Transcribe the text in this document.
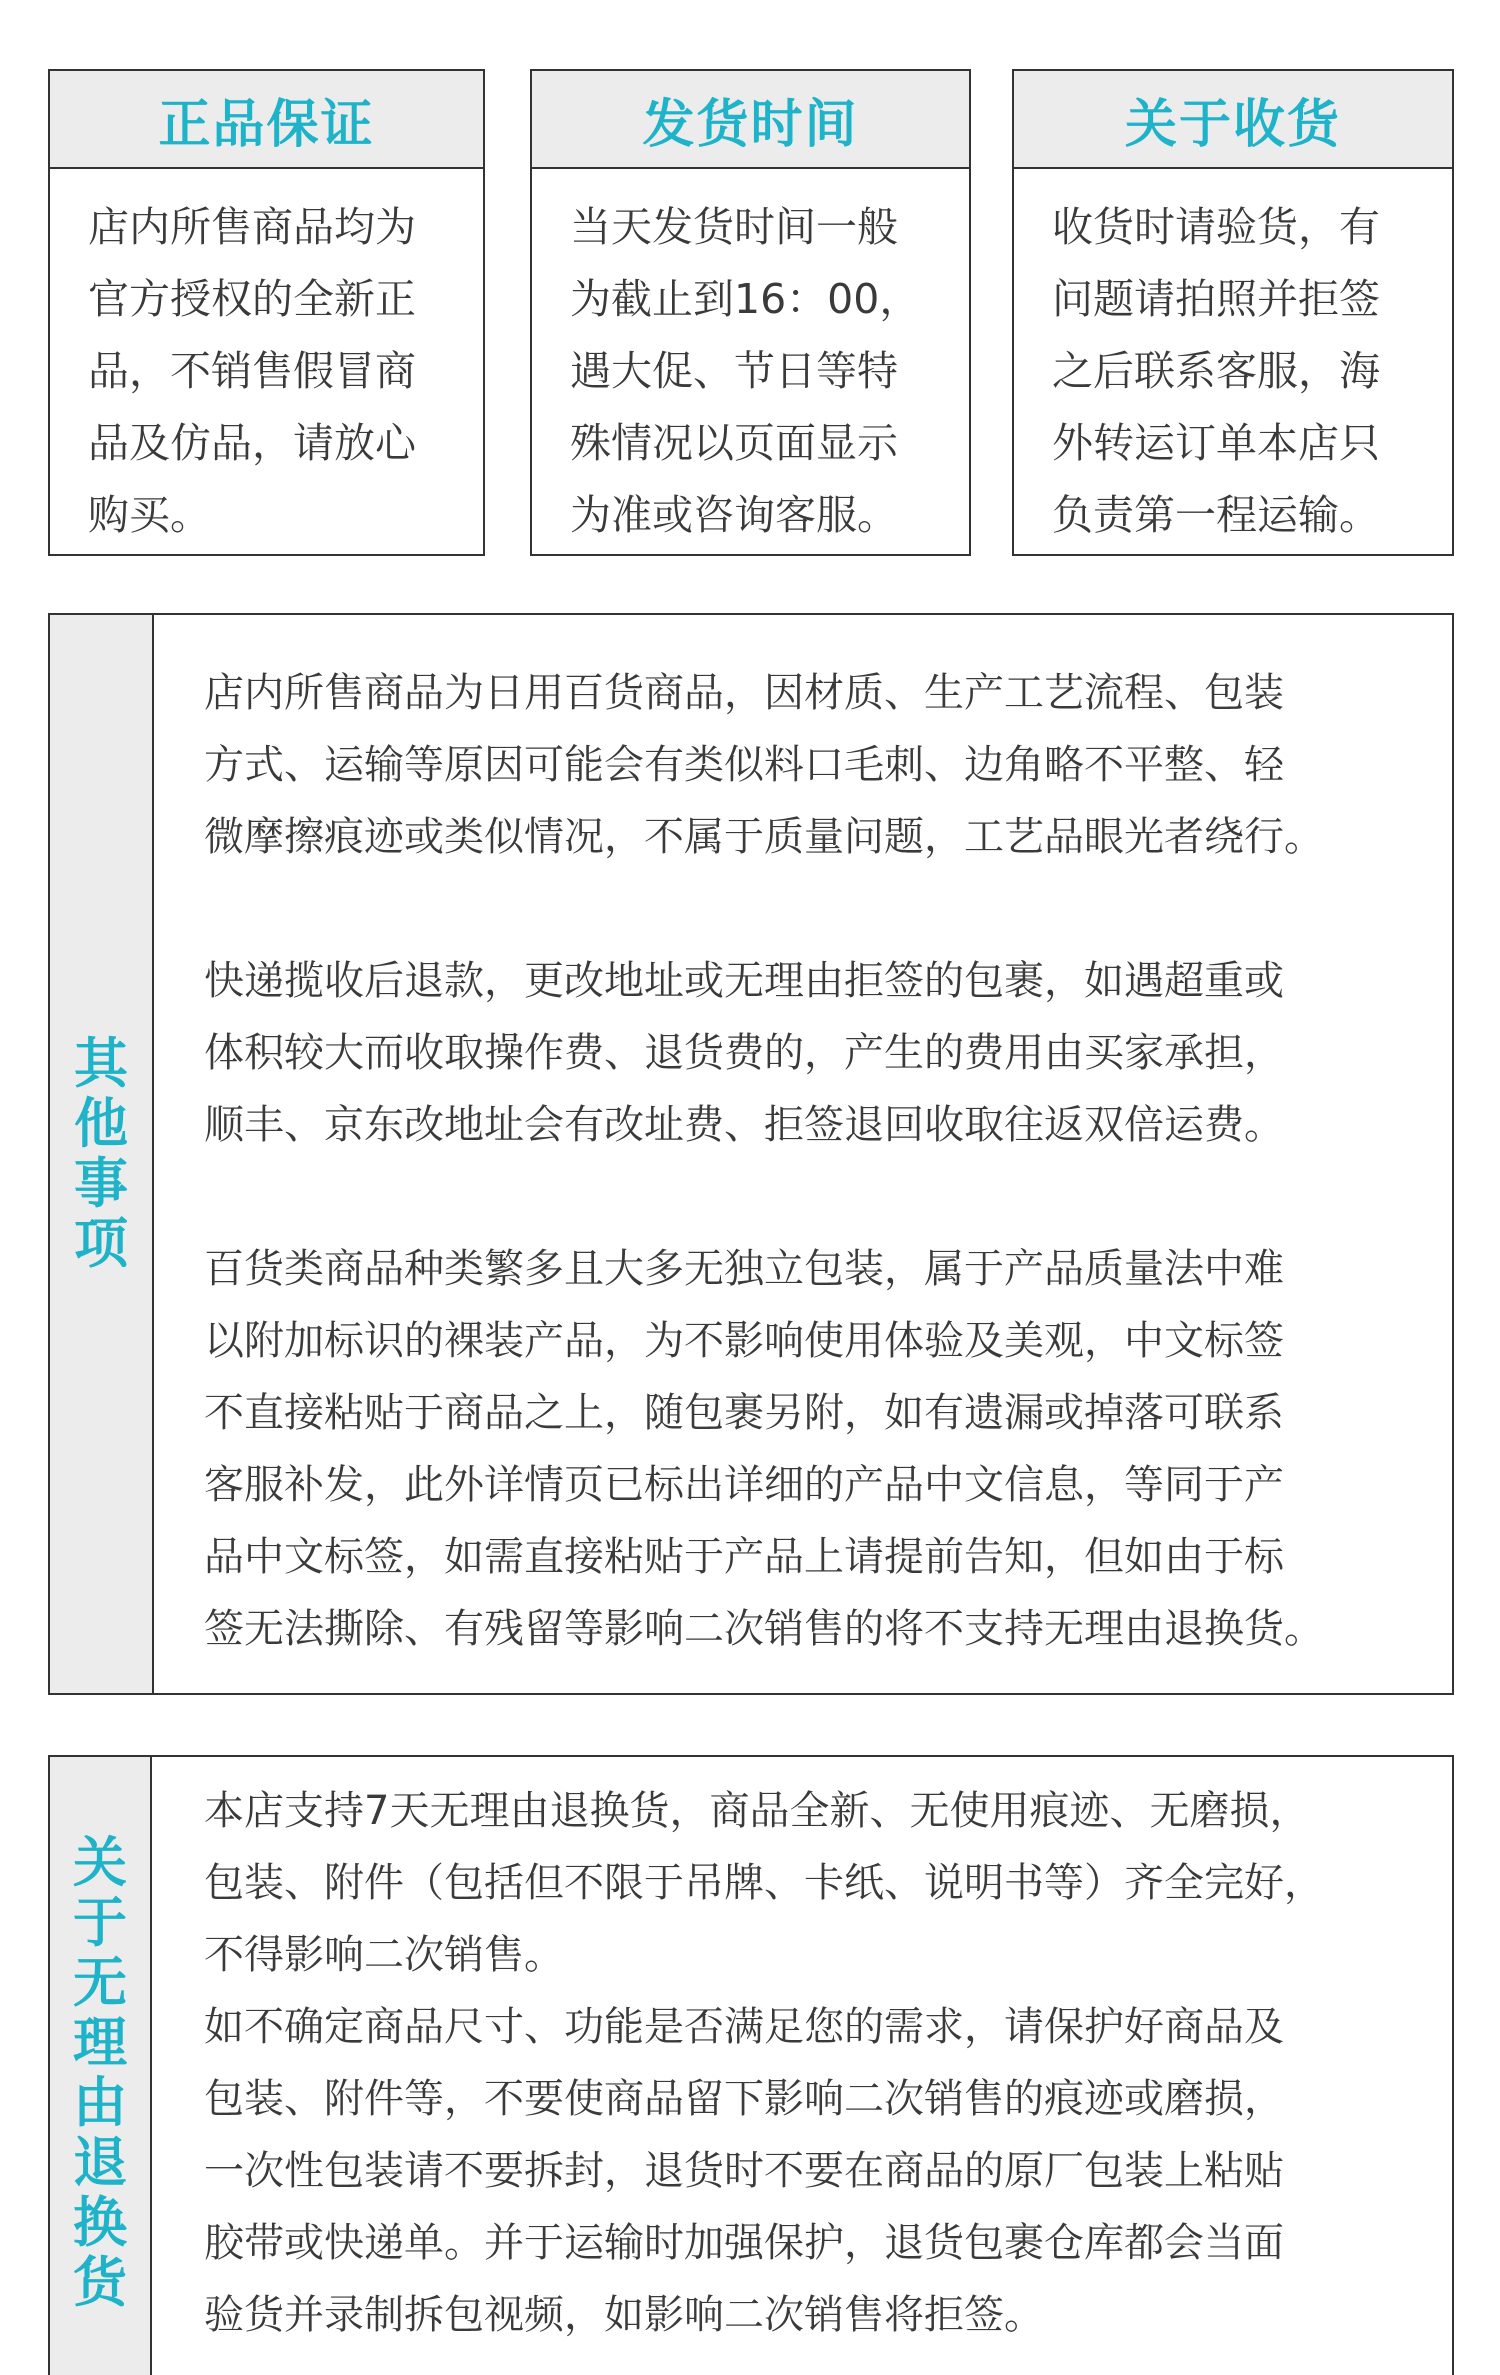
正品保证
店内所售商品均为
官方授权的全新正
品，不销售假冒商
品及仿品，请放心
购买。
发货时间
当天发货时间一般
为截止到16：00，
遇大促、节日等特
殊情况以页面显示
为准或咨询客服。
关于收货
收货时请验货，有
问题请拍照并拒签
之后联系客服，海
外转运订单本店只
负责第一程运输。
其他事项
店内所售商品为日用百货商品，因材质、生产工艺流程、包装
方式、运输等原因可能会有类似料口毛刺、边角略不平整、轻
微摩擦痕迹或类似情况，不属于质量问题，工艺品眼光者绕行。
快递揽收后退款，更改地址或无理由拒签的包裹，如遇超重或
体积较大而收取操作费、退货费的，产生的费用由买家承担，
顺丰、京东改地址会有改址费、拒签退回收取往返双倍运费。
百货类商品种类繁多且大多无独立包装，属于产品质量法中难
以附加标识的裸装产品，为不影响使用体验及美观，中文标签
不直接粘贴于商品之上，随包裹另附，如有遗漏或掉落可联系
客服补发，此外详情页已标出详细的产品中文信息，等同于产
品中文标签，如需直接粘贴于产品上请提前告知，但如由于标
签无法撕除、有残留等影响二次销售的将不支持无理由退换货。
关于无理由退换货
本店支持7天无理由退换货，商品全新、无使用痕迹、无磨损，
包装、附件（包括但不限于吊牌、卡纸、说明书等）齐全完好，
不得影响二次销售。
如不确定商品尺寸、功能是否满足您的需求，请保护好商品及
包装、附件等，不要使商品留下影响二次销售的痕迹或磨损，
一次性包装请不要拆封，退货时不要在商品的原厂包装上粘贴
胶带或快递单。并于运输时加强保护，退货包裹仓库都会当面
验货并录制拆包视频，如影响二次销售将拒签。
